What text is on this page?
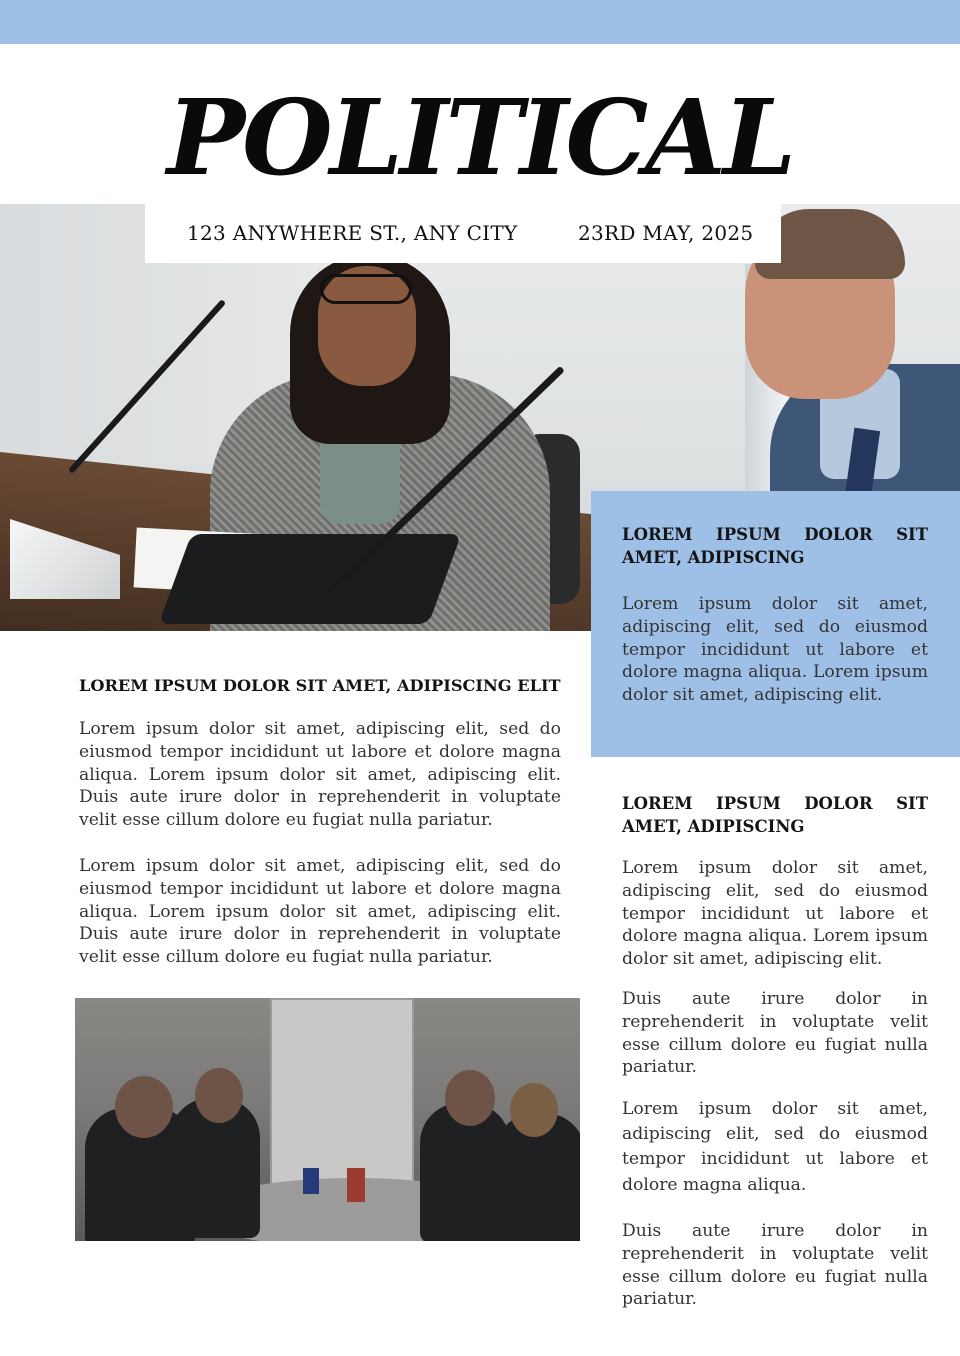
POLITICAL
123 ANYWHERE ST., ANY CITY	23RD MAY, 2025
LOREM IPSUM DOLOR SIT AMET, ADIPISCING

Lorem ipsum dolor sit amet, adipiscing elit, sed do eiusmod tempor incididunt ut labore et dolore magna aliqua. Lorem ipsum dolor sit amet, adipiscing elit.

LOREM IPSUM DOLOR SIT AMET, ADIPISCING ELIT

Lorem ipsum dolor sit amet, adipiscing elit, sed do eiusmod tempor incididunt ut labore et dolore magna aliqua. Lorem ipsum dolor sit amet, adipiscing elit. Duis aute irure dolor in reprehenderit in voluptate velit esse cillum dolore eu fugiat nulla pariatur.

Lorem ipsum dolor sit amet, adipiscing elit, sed do eiusmod tempor incididunt ut labore et dolore magna aliqua. Lorem ipsum dolor sit amet, adipiscing elit. Duis aute irure dolor in reprehenderit in voluptate velit esse cillum dolore eu fugiat nulla pariatur.

LOREM IPSUM DOLOR SIT AMET, ADIPISCING

Lorem ipsum dolor sit amet, adipiscing elit, sed do eiusmod tempor incididunt ut labore et dolore magna aliqua. Lorem ipsum dolor sit amet, adipiscing elit.

Duis aute irure dolor in reprehenderit in voluptate velit esse cillum dolore eu fugiat nulla pariatur.

Lorem ipsum dolor sit amet, adipiscing elit, sed do eiusmod tempor incididunt ut labore et dolore magna aliqua.

Duis aute irure dolor in reprehenderit in voluptate velit esse cillum dolore eu fugiat nulla pariatur.
